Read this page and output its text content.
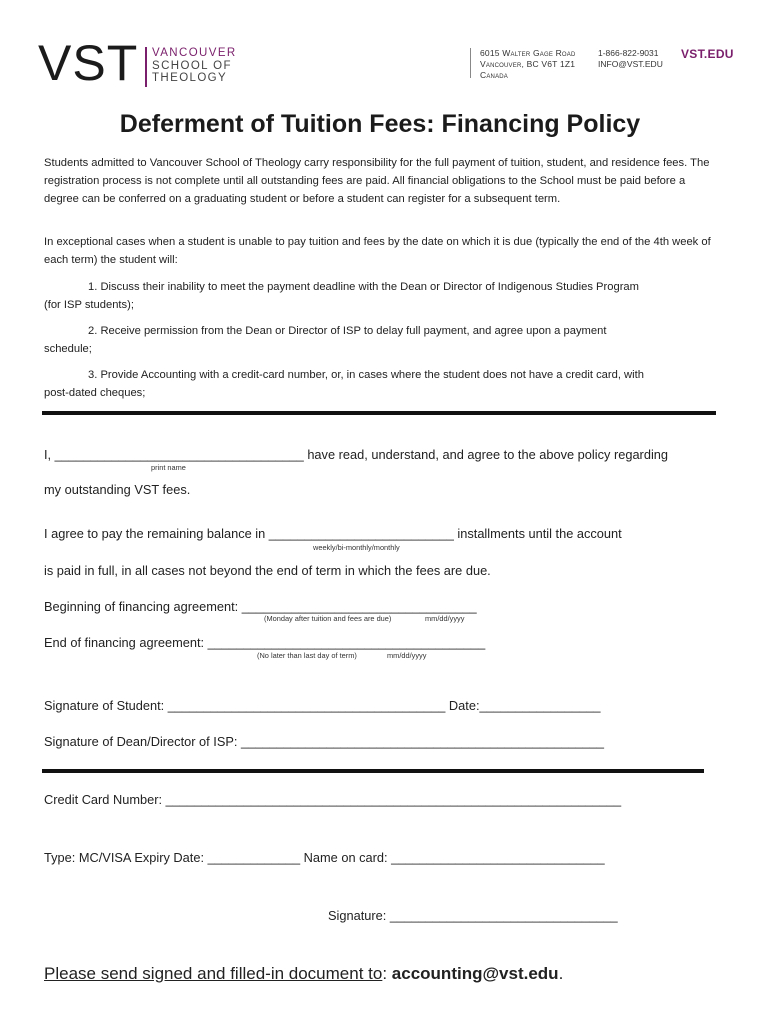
VST VANCOUVER
SCHOOL OF
THEOLOGY
6015 Walter Gage Road
Vancouver, BC V6T 1Z1
Canada
1-866-822-9031
INFO@VST.EDU
VST.EDU
Deferment of Tuition Fees: Financing Policy
Students admitted to Vancouver School of Theology carry responsibility for the full payment of tuition, student, and residence fees. The registration process is not complete until all outstanding fees are paid. All financial obligations to the School must be paid before a degree can be conferred on a graduating student or before a student can register for a subsequent term.
In exceptional cases when a student is unable to pay tuition and fees by the date on which it is due (typically the end of the 4th week of each term) the student will:
1. Discuss their inability to meet the payment deadline with the Dean or Director of Indigenous Studies Program
(for ISP students);
2. Receive permission from the Dean or Director of ISP to delay full payment, and agree upon a payment
schedule;
3. Provide Accounting with a credit-card number, or, in cases where the student does not have a credit card, with
post-dated cheques;
I, ___________________________________ have read, understand, and agree to the above policy regarding
print name
my outstanding VST fees.
I agree to pay the remaining balance in __________________________ installments until the account
weekly/bi-monthly/monthly
is paid in full, in all cases not beyond the end of term in which the fees are due.
Beginning of financing agreement: _________________________________
(Monday after tuition and fees are due)	mm/dd/yyyy
End of financing agreement: _______________________________________
(No later than last day of term)	mm/dd/yyyy
Signature of Student: _______________________________________ Date:_________________
Signature of Dean/Director of ISP: ___________________________________________________
Credit Card Number: ________________________________________________________________
Type: MC/VISA Expiry Date: _____________ Name on card: ______________________________
Signature: ________________________________
Please send signed and filled-in document to: accounting@vst.edu.
